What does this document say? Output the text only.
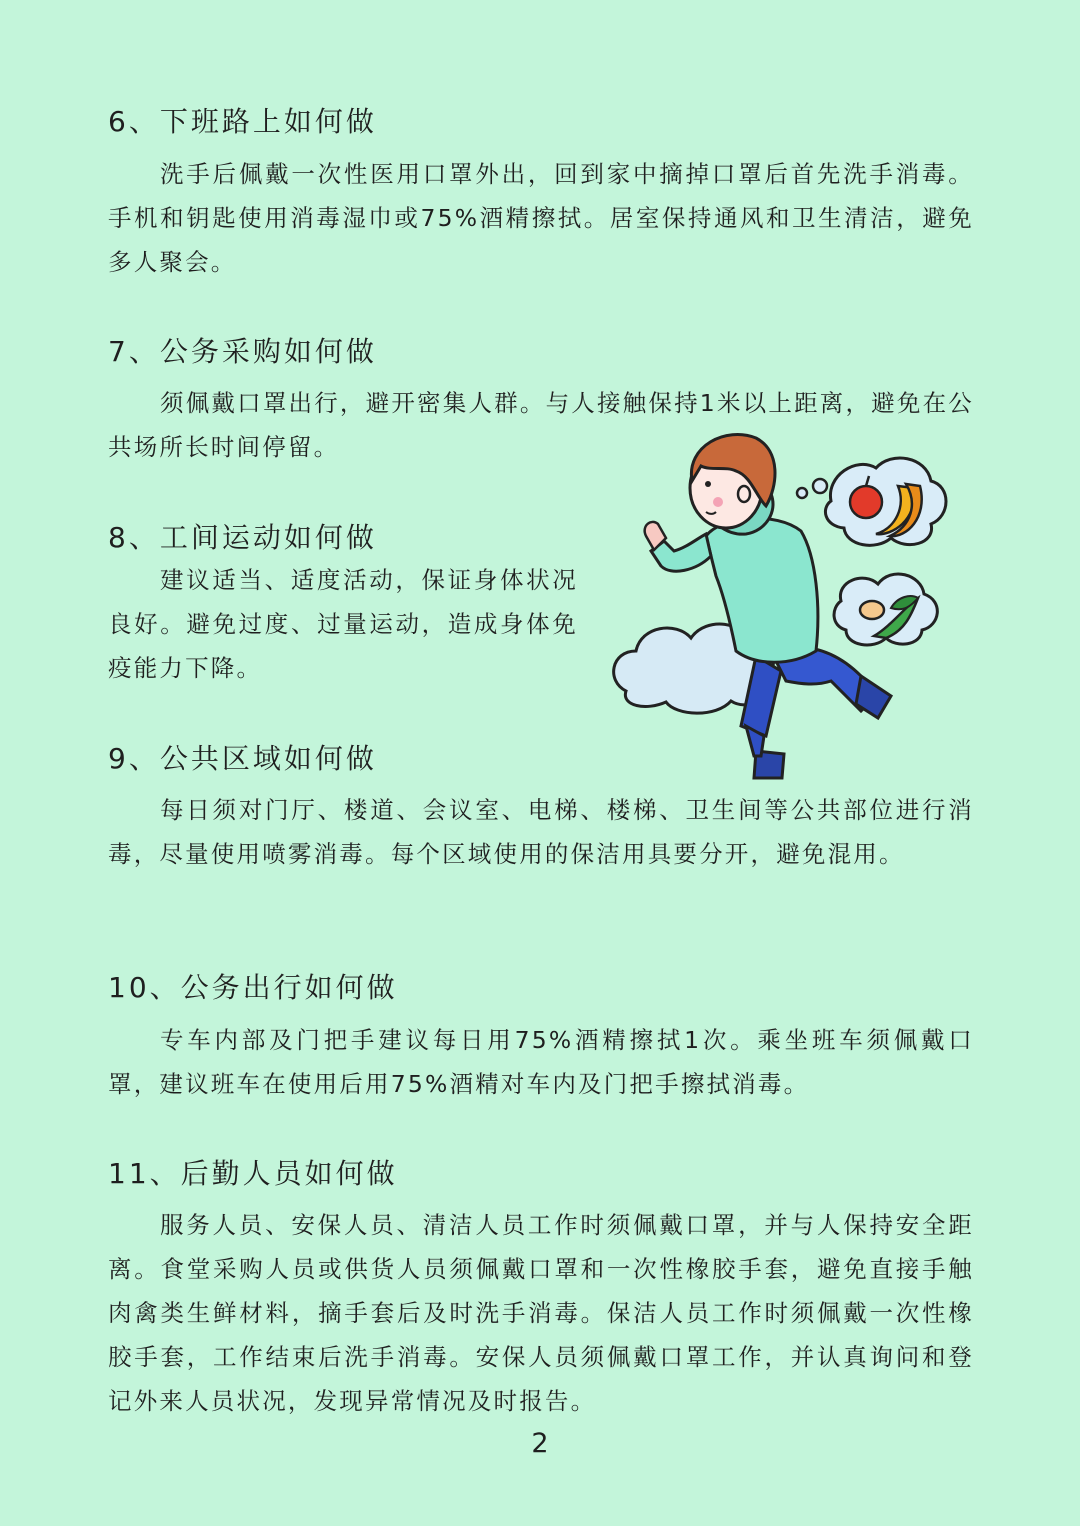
6、下班路上如何做

洗手后佩戴一次性医用口罩外出，回到家中摘掉口罩后首先洗手消毒。手机和钥匙使用消毒湿巾或75%酒精擦拭。居室保持通风和卫生清洁，避免多人聚会。

7、公务采购如何做

须佩戴口罩出行，避开密集人群。与人接触保持1米以上距离，避免在公共场所长时间停留。

8、工间运动如何做

建议适当、适度活动，保证身体状况良好。避免过度、过量运动，造成身体免疫能力下降。

9、公共区域如何做

每日须对门厅、楼道、会议室、电梯、楼梯、卫生间等公共部位进行消毒，尽量使用喷雾消毒。每个区域使用的保洁用具要分开，避免混用。

10、公务出行如何做

专车内部及门把手建议每日用75%酒精擦拭1次。乘坐班车须佩戴口罩，建议班车在使用后用75%酒精对车内及门把手擦拭消毒。

11、后勤人员如何做

服务人员、安保人员、清洁人员工作时须佩戴口罩，并与人保持安全距离。食堂采购人员或供货人员须佩戴口罩和一次性橡胶手套，避免直接手触肉禽类生鲜材料，摘手套后及时洗手消毒。保洁人员工作时须佩戴一次性橡胶手套，工作结束后洗手消毒。安保人员须佩戴口罩工作，并认真询问和登记外来人员状况，发现异常情况及时报告。

2
